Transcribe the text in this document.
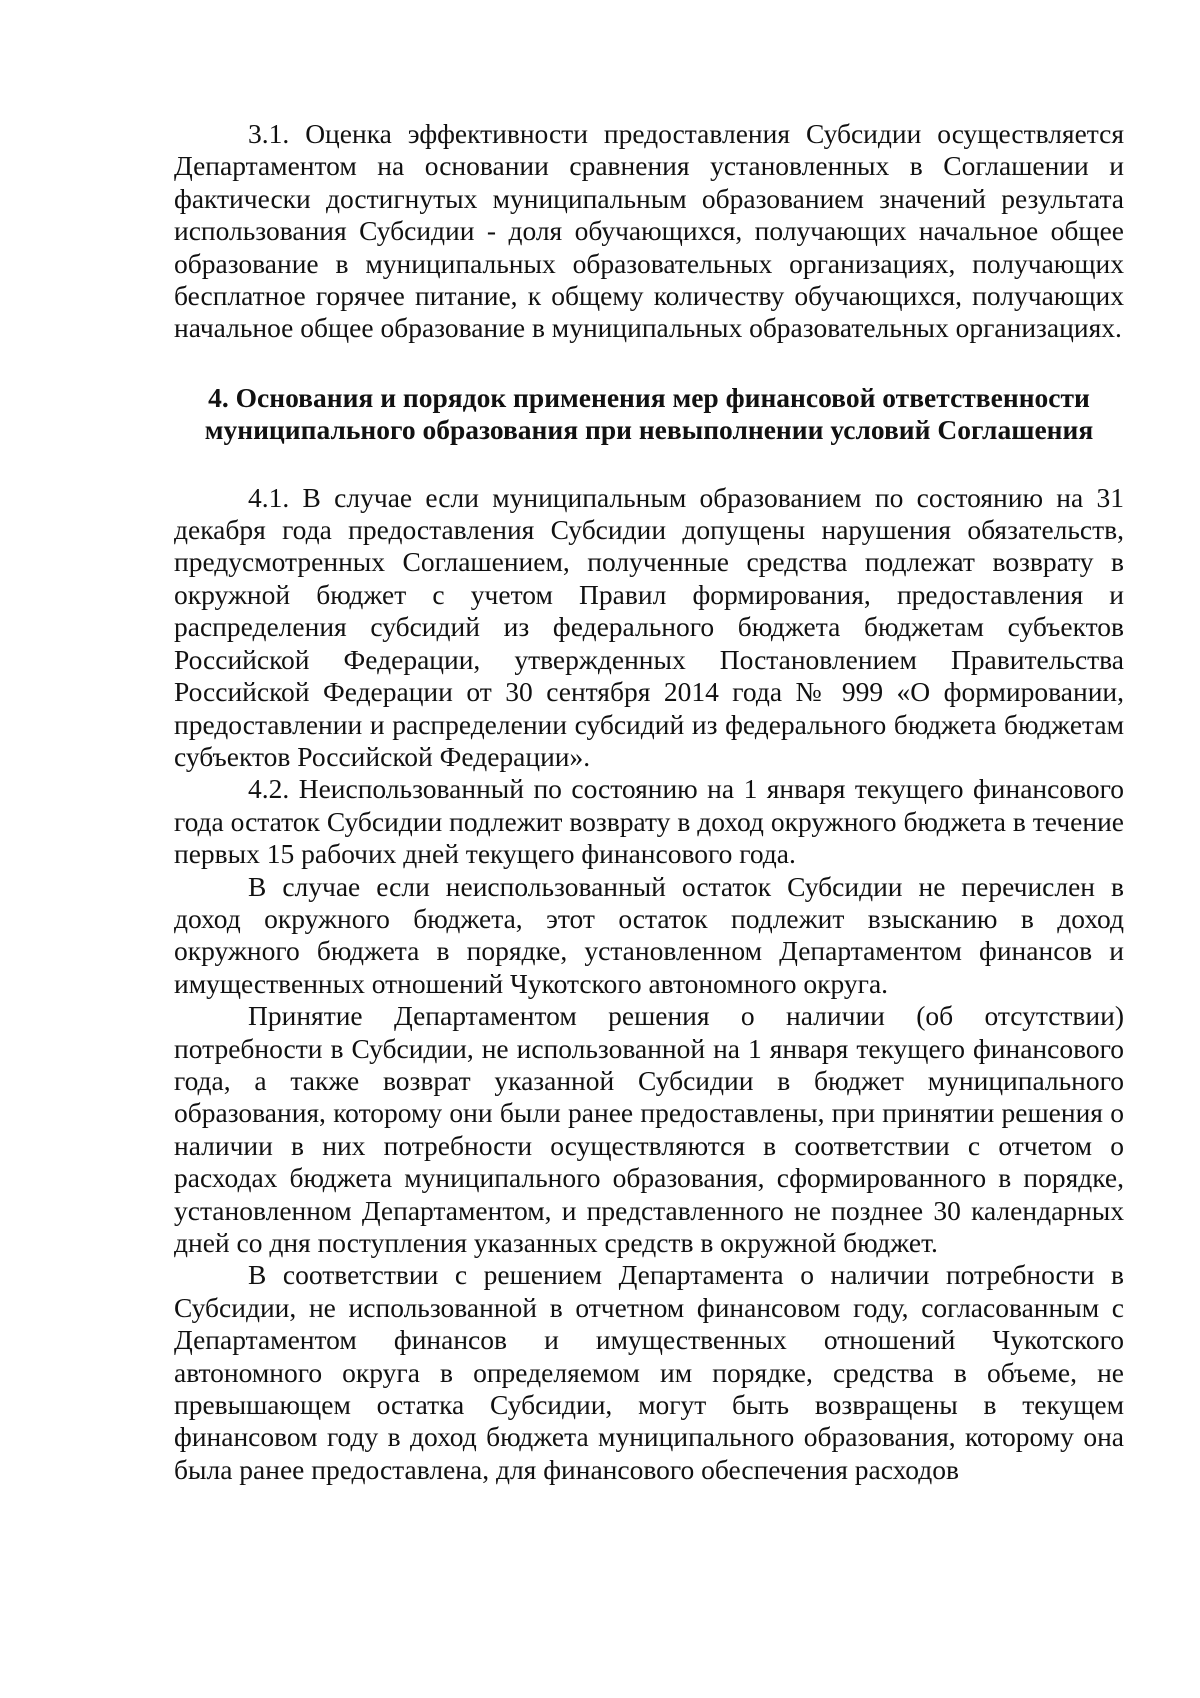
3.1. Оценка эффективности предоставления Субсидии осуществляется Департаментом на основании сравнения установленных в Соглашении и фактически достигнутых муниципальным образованием значений результата использования Субсидии - доля обучающихся, получающих начальное общее образование в муниципальных образовательных организациях, получающих бесплатное горячее питание, к общему количеству обучающихся, получающих начальное общее образование в муниципальных образовательных организациях.

4. Основания и порядок применения мер финансовой ответственности
муниципального образования при невыполнении условий Соглашения

4.1. В случае если муниципальным образованием по состоянию на 31 декабря года предоставления Субсидии допущены нарушения обязательств, предусмотренных Соглашением, полученные средства подлежат возврату в окружной бюджет с учетом Правил формирования, предоставления и распределения субсидий из федерального бюджета бюджетам субъектов Российской Федерации, утвержденных Постановлением Правительства Российской Федерации от 30 сентября 2014 года № 999 «О формировании, предоставлении и распределении субсидий из федерального бюджета бюджетам субъектов Российской Федерации».

4.2. Неиспользованный по состоянию на 1 января текущего финансового года остаток Субсидии подлежит возврату в доход окружного бюджета в течение первых 15 рабочих дней текущего финансового года.

В случае если неиспользованный остаток Субсидии не перечислен в доход окружного бюджета, этот остаток подлежит взысканию в доход окружного бюджета в порядке, установленном Департаментом финансов и имущественных отношений Чукотского автономного округа.

Принятие Департаментом решения о наличии (об отсутствии) потребности в Субсидии, не использованной на 1 января текущего финансового года, а также возврат указанной Субсидии в бюджет муниципального образования, которому они были ранее предоставлены, при принятии решения о наличии в них потребности осуществляются в соответствии с отчетом о расходах бюджета муниципального образования, сформированного в порядке, установленном Департаментом, и представленного не позднее 30 календарных дней со дня поступления указанных средств в окружной бюджет.

В соответствии с решением Департамента о наличии потребности в Субсидии, не использованной в отчетном финансовом году, согласованным с Департаментом финансов и имущественных отношений Чукотского автономного округа в определяемом им порядке, средства в объеме, не превышающем остатка Субсидии, могут быть возвращены в текущем финансовом году в доход бюджета муниципального образования, которому она была ранее предоставлена, для финансового обеспечения расходов
